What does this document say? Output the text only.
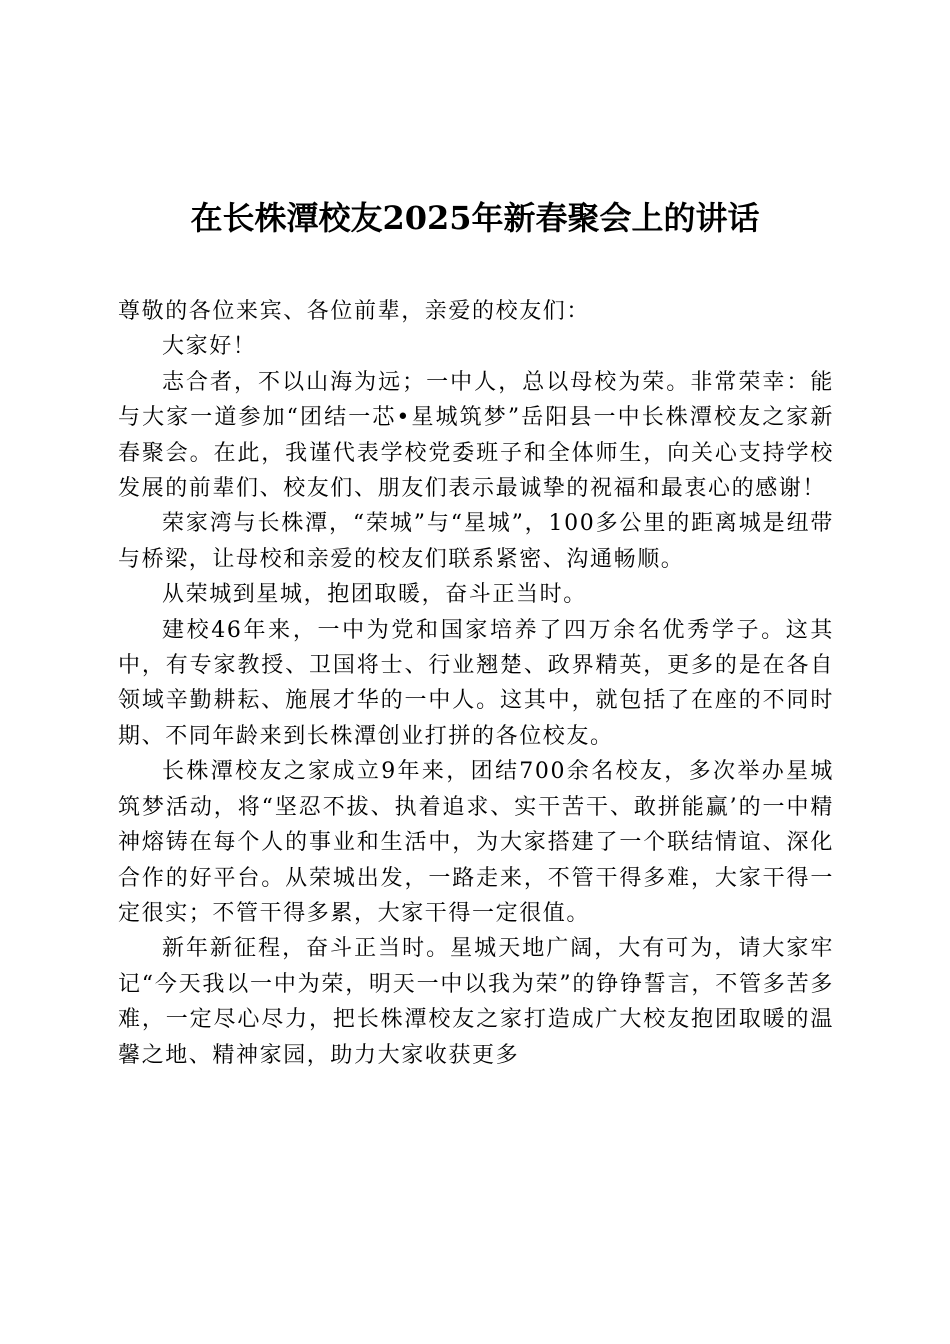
在长株潭校友2025年新春聚会上的讲话

尊敬的各位来宾、各位前辈，亲爱的校友们：

大家好！

志合者，不以山海为远；一中人，总以母校为荣。非常荣幸：能与大家一道参加“团结一芯•星城筑梦”岳阳县一中长株潭校友之家新春聚会。在此，我谨代表学校党委班子和全体师生，向关心支持学校发展的前辈们、校友们、朋友们表示最诚挚的祝福和最衷心的感谢！

荣家湾与长株潭，“荣城”与“星城”，100多公里的距离城是纽带与桥梁，让母校和亲爱的校友们联系紧密、沟通畅顺。

从荣城到星城，抱团取暖，奋斗正当时。

建校46年来，一中为党和国家培养了四万余名优秀学子。这其中，有专家教授、卫国将士、行业翘楚、政界精英，更多的是在各自领域辛勤耕耘、施展才华的一中人。这其中，就包括了在座的不同时期、不同年龄来到长株潭创业打拼的各位校友。

长株潭校友之家成立9年来，团结700余名校友，多次举办星城筑梦活动，将“坚忍不拔、执着追求、实干苦干、敢拼能赢’的一中精神熔铸在每个人的事业和生活中，为大家搭建了一个联结情谊、深化合作的好平台。从荣城出发，一路走来，不管干得多难，大家干得一定很实；不管干得多累，大家干得一定很值。

新年新征程，奋斗正当时。星城天地广阔，大有可为，请大家牢记“今天我以一中为荣，明天一中以我为荣”的铮铮誓言，不管多苦多难，一定尽心尽力，把长株潭校友之家打造成广大校友抱团取暖的温馨之地、精神家园，助力大家收获更多
